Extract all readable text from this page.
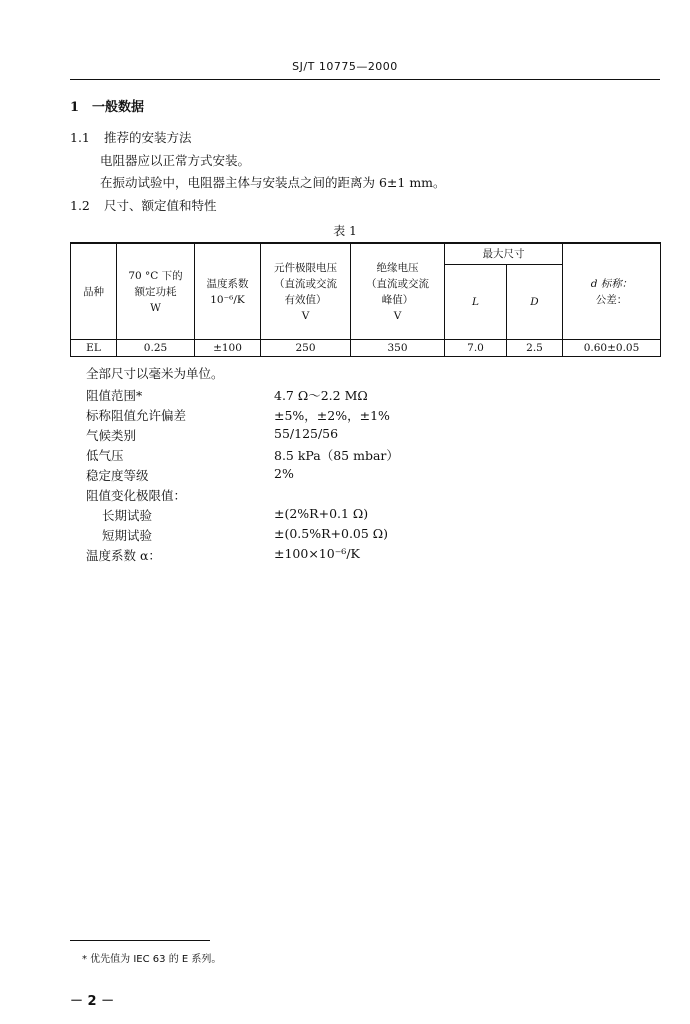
SJ/T 10775—2000
1 一般数据
1.1 推荐的安装方法
电阻器应以正常方式安装。
在振动试验中，电阻器主体与安装点之间的距离为 6±1 mm。
1.2 尺寸、额定值和特性
表 1
品种	70 °C 下的
额定功耗
W	温度系数
10⁻⁶/K	元件极限电压
（直流或交流
有效值）
V	绝缘电压
（直流或交流
峰值）
V	最大尺寸		d 标称：
公差：

					L	D	
EL	0.25	±100	250	350	7.0	2.5	0.60±0.05
全部尺寸以毫米为单位。
阻值范围*	4.7 Ω～2.2 MΩ
标称阻值允许偏差	±5%，±2%，±1%
气候类别	55/125/56
低气压	8.5 kPa（85 mbar）
稳定度等级	2%
阻值变化极限值：
长期试验	±(2%R+0.1 Ω)
短期试验	±(0.5%R+0.05 Ω)
温度系数 α：	±100×10⁻⁶/K
* 优先值为 IEC 63 的 E 系列。
－ 2 －
